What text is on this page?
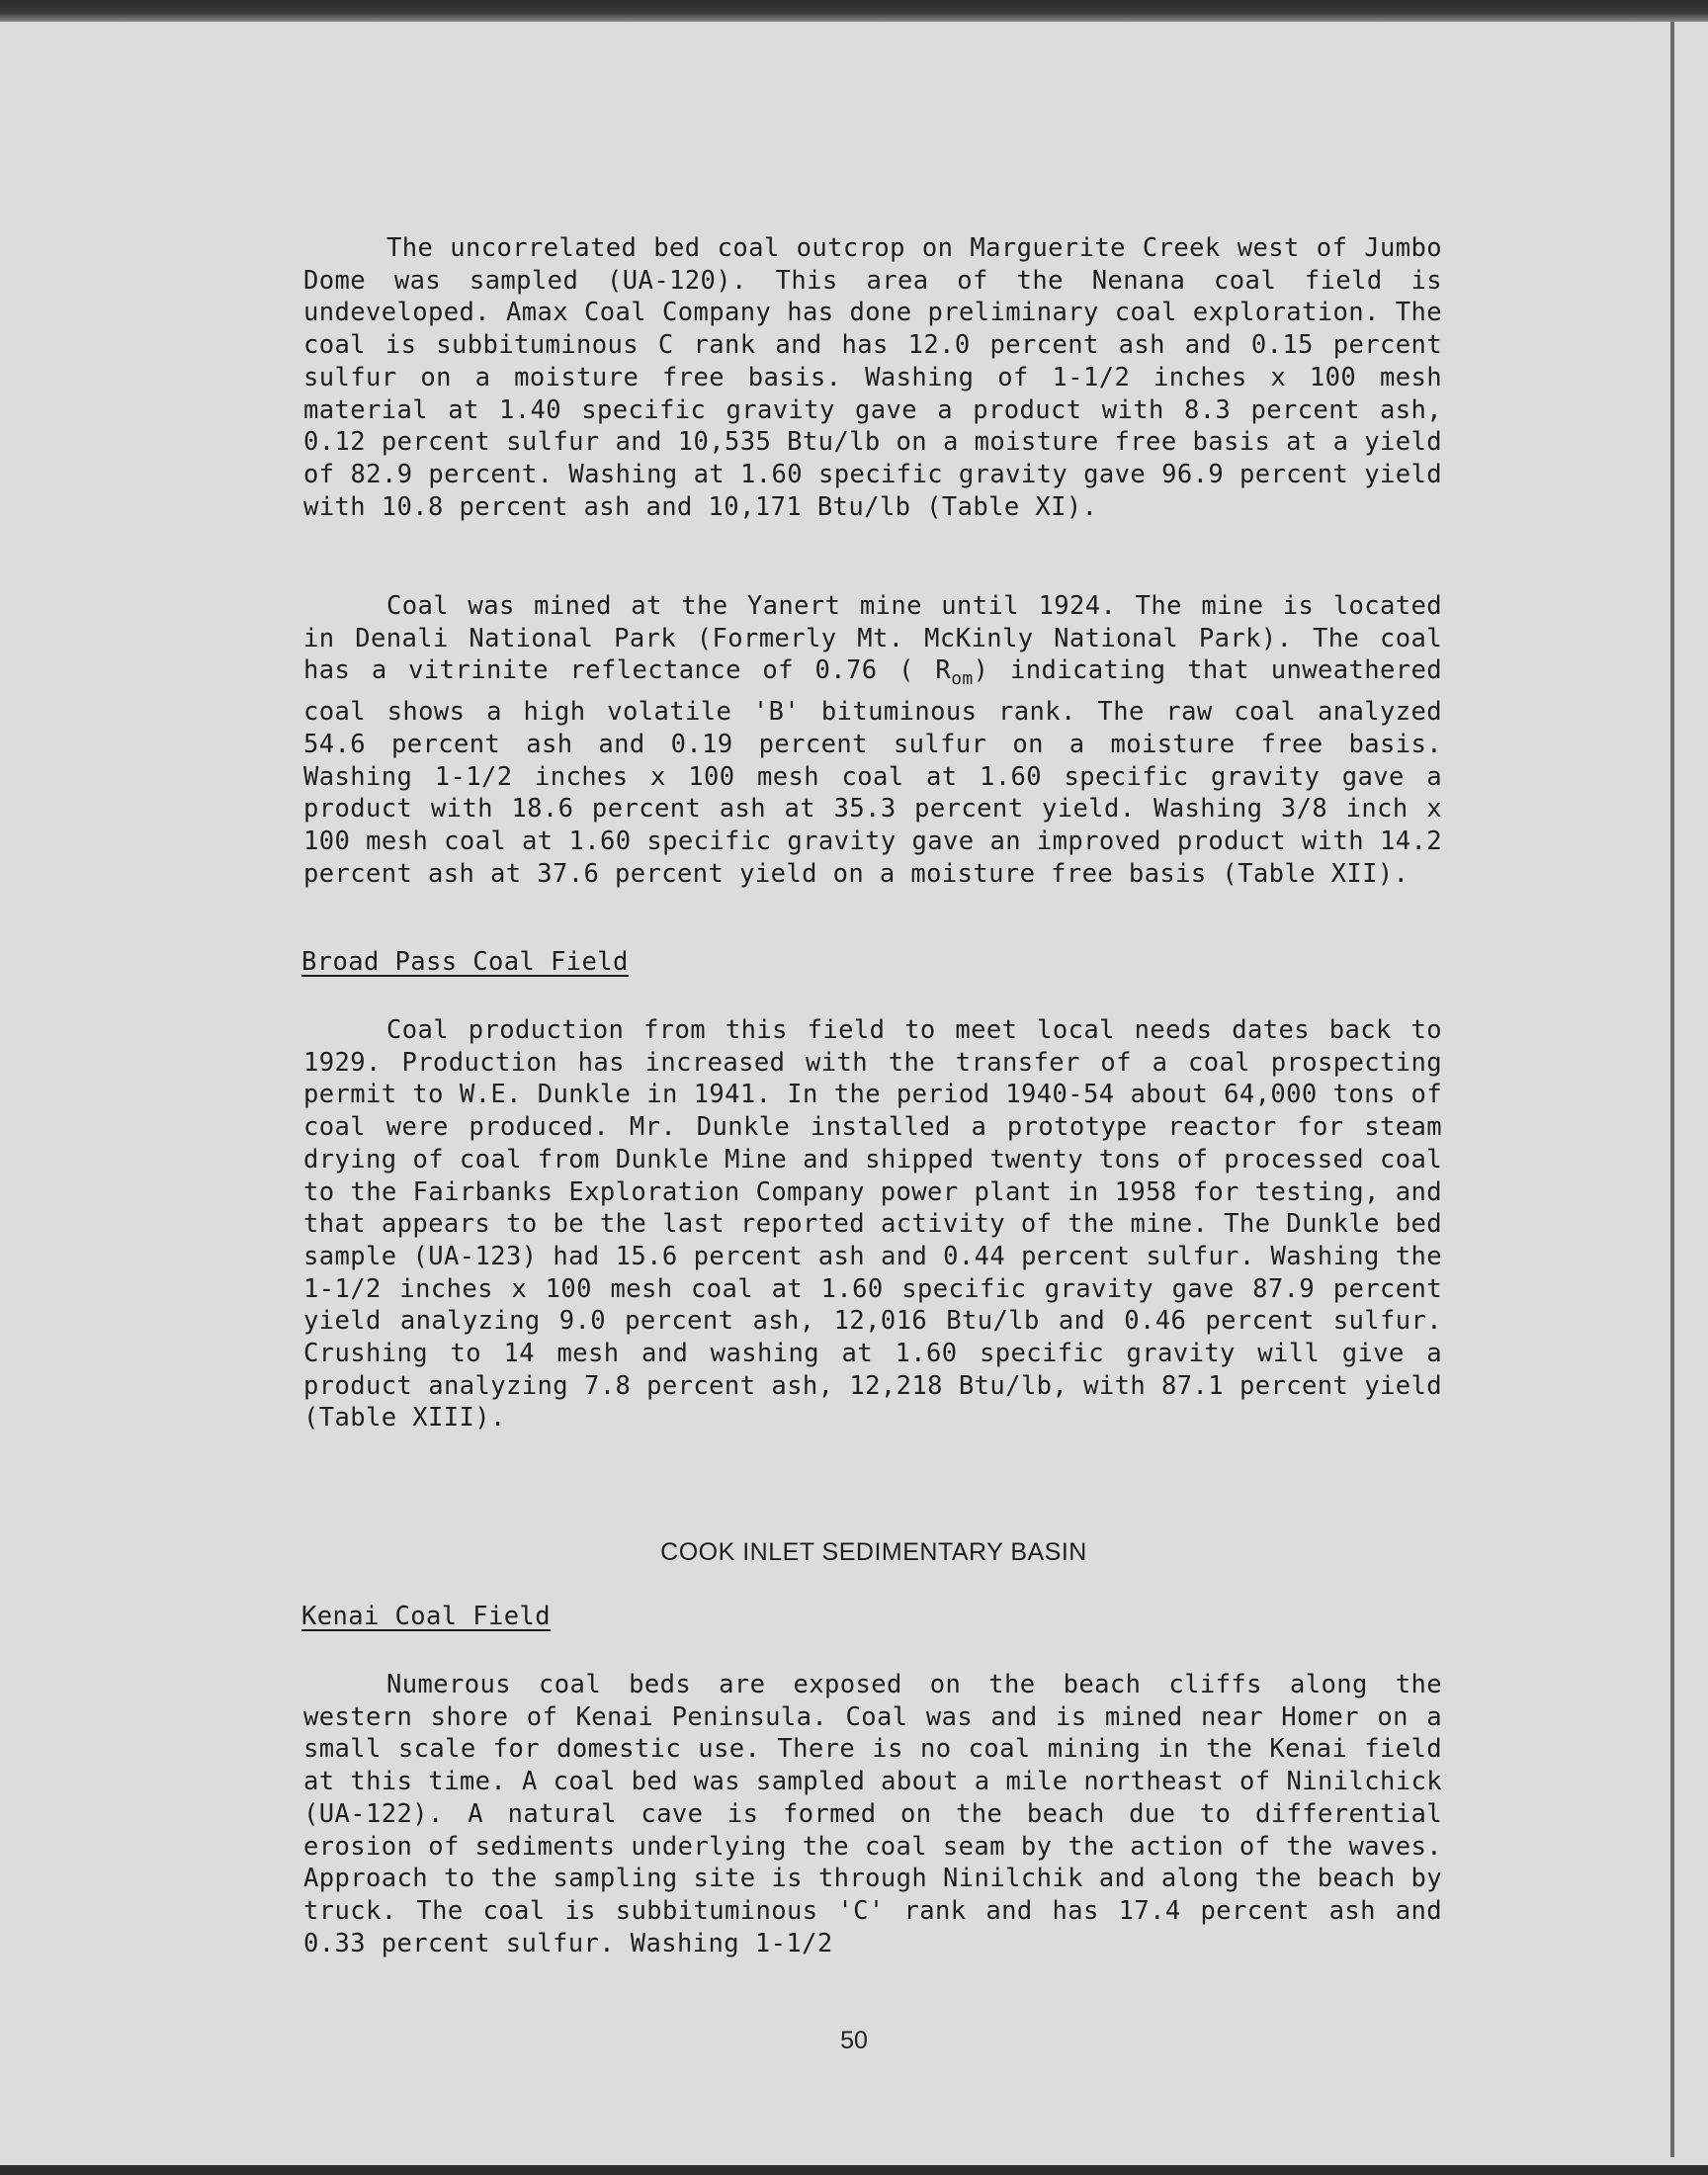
The uncorrelated bed coal outcrop on Marguerite Creek west of Jumbo Dome was sampled (UA-120). This area of the Nenana coal field is undeveloped. Amax Coal Company has done preliminary coal exploration. The coal is subbituminous C rank and has 12.0 percent ash and 0.15 percent sulfur on a moisture free basis. Washing of 1-1/2 inches x 100 mesh material at 1.40 specific gravity gave a product with 8.3 percent ash, 0.12 percent sulfur and 10,535 Btu/lb on a moisture free basis at a yield of 82.9 percent. Washing at 1.60 specific gravity gave 96.9 percent yield with 10.8 percent ash and 10,171 Btu/lb (Table XI).

Coal was mined at the Yanert mine until 1924. The mine is located in Denali National Park (Formerly Mt. McKinly National Park). The coal has a vitrinite reflectance of 0.76 ( $R_{om}$) indicating that unweathered coal shows a high volatile 'B' bituminous rank. The raw coal analyzed 54.6 percent ash and 0.19 percent sulfur on a moisture free basis. Washing 1-1/2 inches x 100 mesh coal at 1.60 specific gravity gave a product with 18.6 percent ash at 35.3 percent yield. Washing 3/8 inch x 100 mesh coal at 1.60 specific gravity gave an improved product with 14.2 percent ash at 37.6 percent yield on a moisture free basis (Table XII).

Broad Pass Coal Field

Coal production from this field to meet local needs dates back to 1929. Production has increased with the transfer of a coal prospecting permit to W.E. Dunkle in 1941. In the period 1940-54 about 64,000 tons of coal were produced. Mr. Dunkle installed a prototype reactor for steam drying of coal from Dunkle Mine and shipped twenty tons of processed coal to the Fairbanks Exploration Company power plant in 1958 for testing, and that appears to be the last reported activity of the mine. The Dunkle bed sample (UA-123) had 15.6 percent ash and 0.44 percent sulfur. Washing the 1-1/2 inches x 100 mesh coal at 1.60 specific gravity gave 87.9 percent yield analyzing 9.0 percent ash, 12,016 Btu/lb and 0.46 percent sulfur. Crushing to 14 mesh and washing at 1.60 specific gravity will give a product analyzing 7.8 percent ash, 12,218 Btu/lb, with 87.1 percent yield (Table XIII).

COOK INLET SEDIMENTARY BASIN
Kenai Coal Field

Numerous coal beds are exposed on the beach cliffs along the western shore of Kenai Peninsula. Coal was and is mined near Homer on a small scale for domestic use. There is no coal mining in the Kenai field at this time. A coal bed was sampled about a mile northeast of Ninilchick (UA-122). A natural cave is formed on the beach due to differential erosion of sediments underlying the coal seam by the action of the waves. Approach to the sampling site is through Ninilchik and along the beach by truck. The coal is subbituminous 'C' rank and has 17.4 percent ash and 0.33 percent sulfur. Washing 1-1/2

50
